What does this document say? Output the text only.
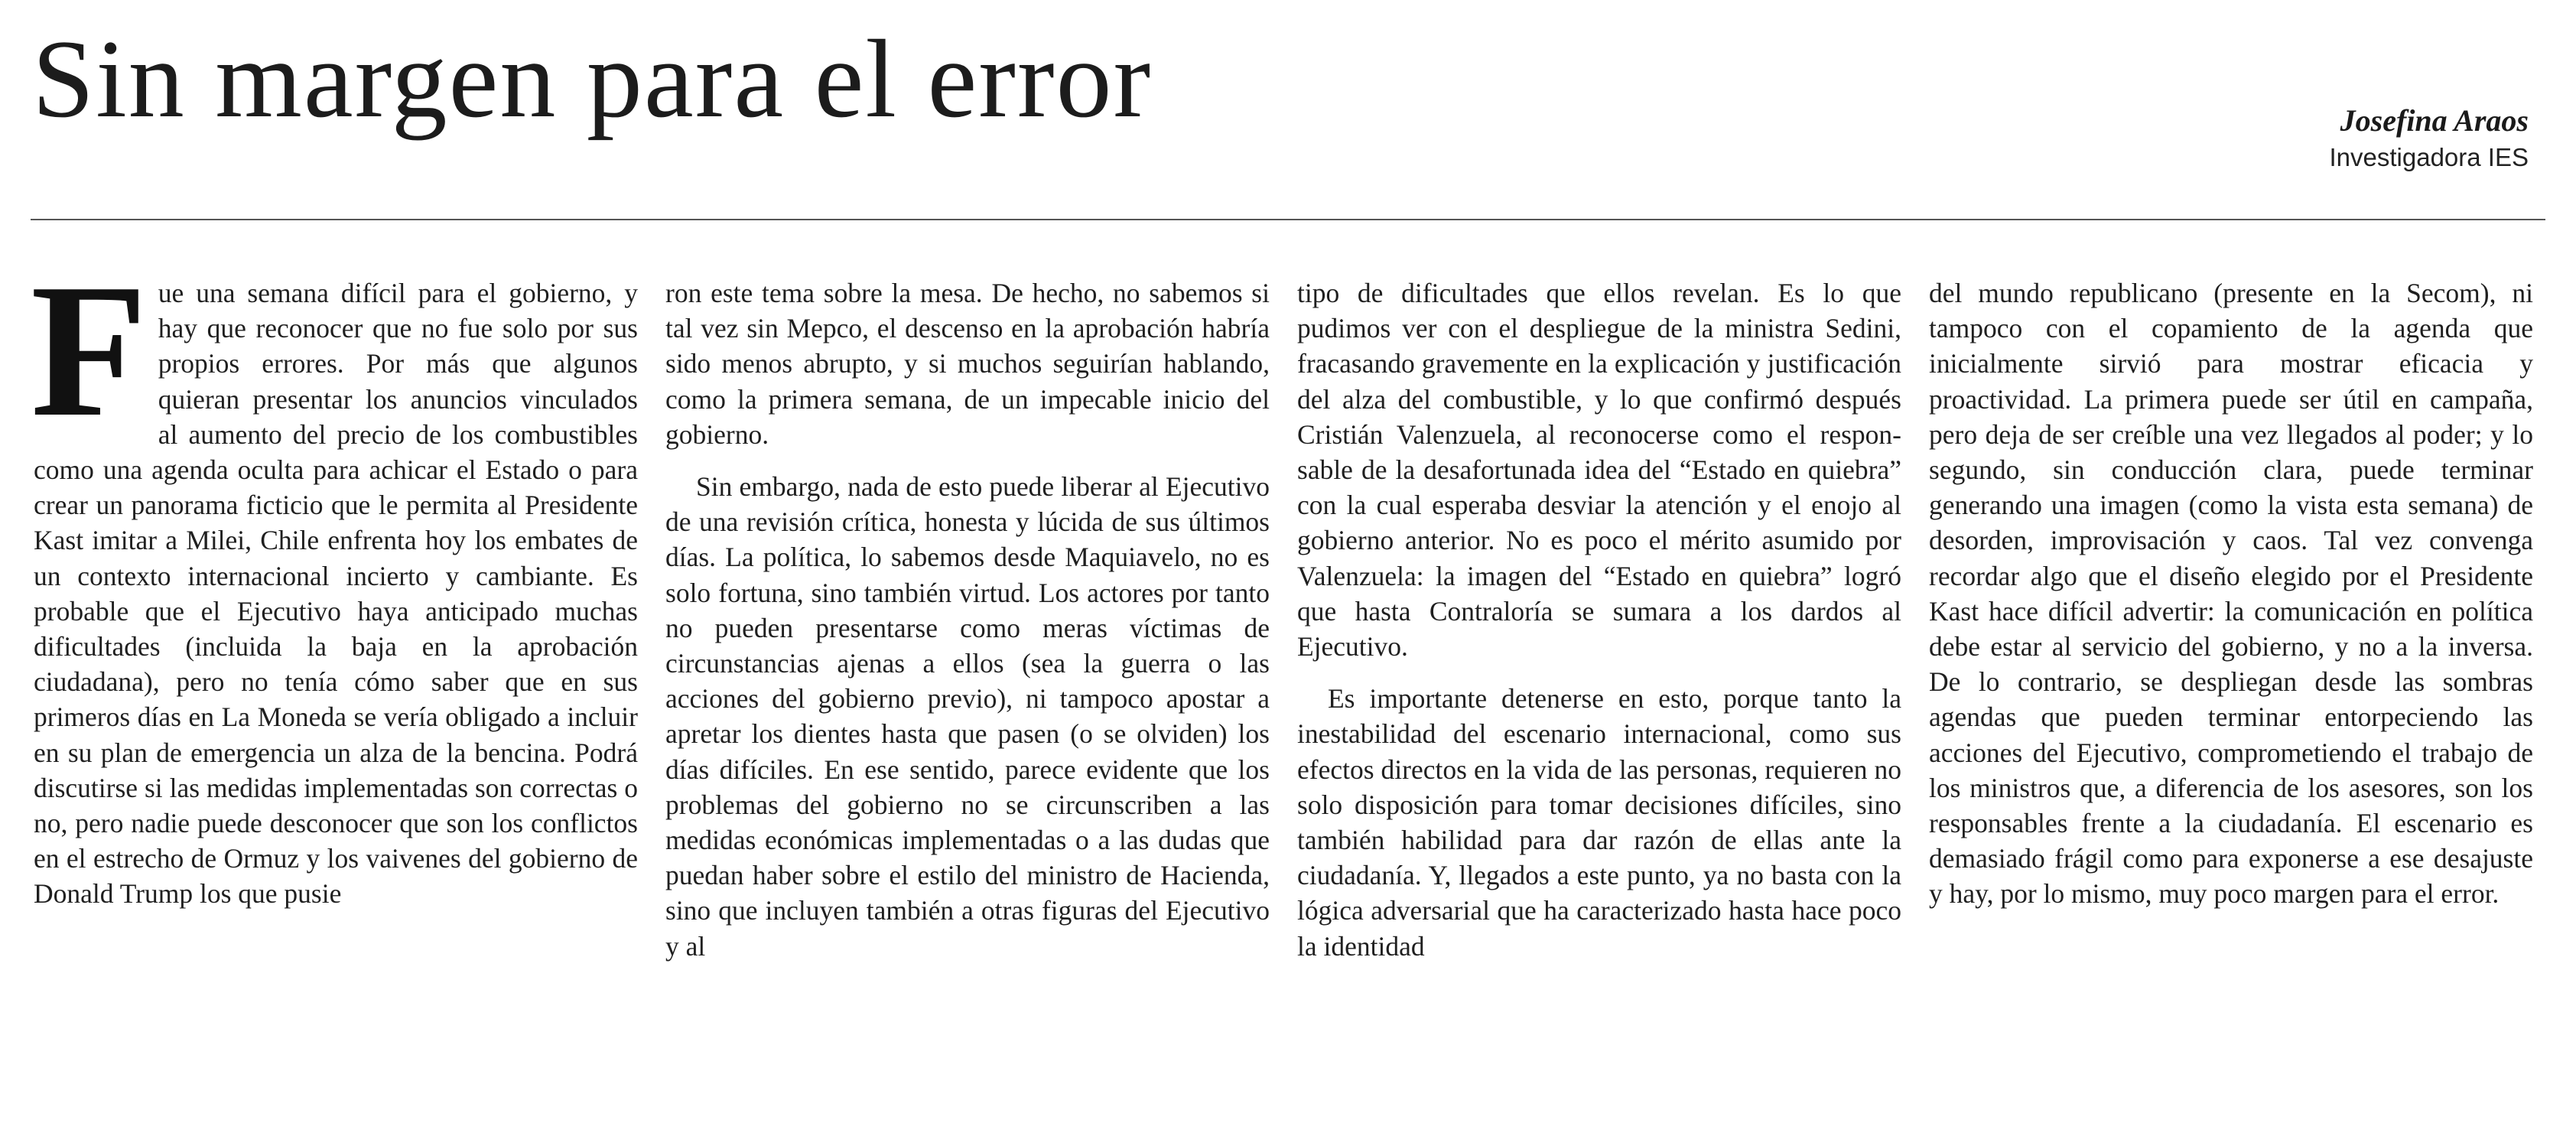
Sin margen para el error	Josefina Araos
Investigadora IES

Fue una semana difícil para el gobierno, y hay que reconocer que no fue solo por sus propios errores. Por más que algunos quieran presentar los anuncios vinculados al aumento del precio de los combustibles como una agenda oculta para achicar el Estado o para crear un panorama ficticio que le permita al Presidente Kast imitar a Milei, Chile enfrenta hoy los embates de un contexto internacional incierto y cambiante. Es probable que el Ejecutivo haya anticipado muchas dificultades (incluida la baja en la aprobación ciudadana), pero no tenía cómo saber que en sus primeros días en La Moneda se vería obligado a incluir en su plan de emergencia un alza de la bencina. Podrá discutirse si las medidas implementadas son correctas o no, pero nadie puede desconocer que son los conflictos en el estrecho de Ormuz y los vaivenes del gobierno de Donald Trump los que pusie

ron este tema sobre la mesa. De hecho, no sabemos si tal vez sin Mepco, el descenso en la aprobación habría sido menos abrupto, y si muchos seguirían hablando, como la primera semana, de un impecable inicio del gobierno.

Sin embargo, nada de esto puede liberar al Ejecutivo de una revisión crítica, honesta y lúcida de sus últimos días. La política, lo sabemos desde Maquiavelo, no es solo fortuna, sino también virtud. Los actores por tanto no pueden presentarse como meras víctimas de circunstancias ajenas a ellos (sea la guerra o las acciones del gobierno previo), ni tampoco apostar a apretar los dientes hasta que pasen (o se olviden) los días difíciles. En ese sentido, parece evidente que los problemas del gobierno no se circunscriben a las medidas económicas implementadas o a las dudas que puedan haber sobre el estilo del ministro de Hacienda, sino que incluyen también a otras figuras del Ejecutivo y al

tipo de dificultades que ellos revelan. Es lo que pudimos ver con el despliegue de la ministra Sedini, fracasando gravemente en la explicación y justificación del alza del combustible, y lo que confirmó después Cristián Valenzuela, al reconocerse como el responsable de la desafortunada idea del “Estado en quiebra” con la cual esperaba desviar la atención y el enojo al gobierno anterior. No es poco el mérito asumido por Valenzuela: la imagen del “Estado en quiebra” logró que hasta Contraloría se sumara a los dardos al Ejecutivo.

Es importante detenerse en esto, porque tanto la inestabilidad del escenario internacional, como sus efectos directos en la vida de las personas, requieren no solo disposición para tomar decisiones difíciles, sino también habilidad para dar razón de ellas ante la ciudadanía. Y, llegados a este punto, ya no basta con la lógica adversarial que ha caracterizado hasta hace poco la identidad

del mundo republicano (presente en la Secom), ni tampoco con el copamiento de la agenda que inicialmente sirvió para mostrar eficacia y proactividad. La primera puede ser útil en campaña, pero deja de ser creíble una vez llegados al poder; y lo segundo, sin conducción clara, puede terminar generando una imagen (como la vista esta semana) de desorden, improvisación y caos. Tal vez convenga recordar algo que el diseño elegido por el Presidente Kast hace difícil advertir: la comunicación en política debe estar al servicio del gobierno, y no a la inversa. De lo contrario, se despliegan desde las sombras agendas que pueden terminar entorpeciendo las acciones del Ejecutivo, comprometiendo el trabajo de los ministros que, a diferencia de los asesores, son los responsables frente a la ciudadanía. El escenario es demasiado frágil como para exponerse a ese desajuste y hay, por lo mismo, muy poco margen para el error.
